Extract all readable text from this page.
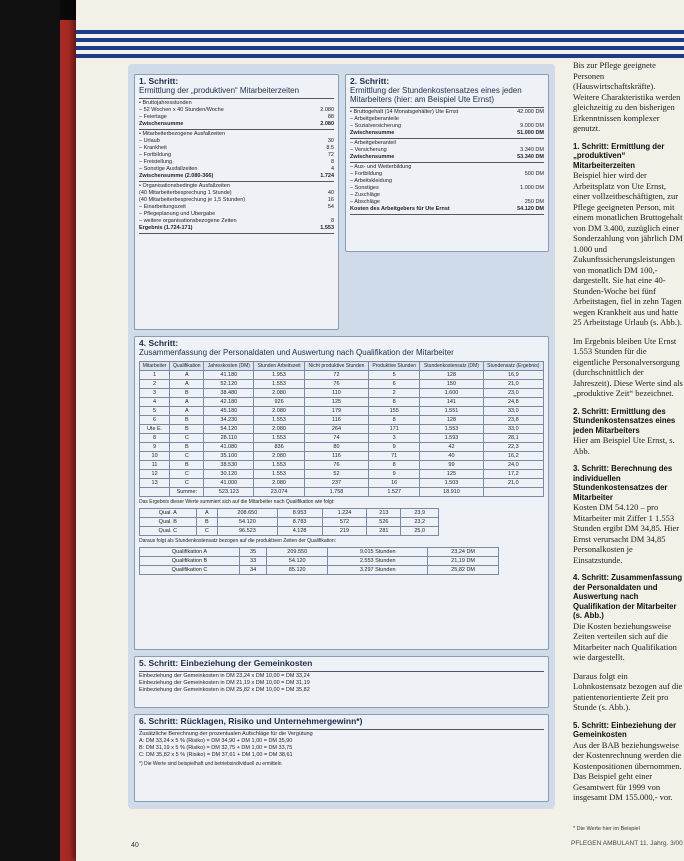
1. Schritt:
Ermittlung der „produktiven“ Mitarbeiterzeiten
• Bruttojahresstunden
– 52 Wochen x 40 Stunden/Woche	2.080
– Feiertage	88
Zwischensumme	2.080
• Mitarbeiterbezogene Ausfallzeiten
– Urlaub	30
– Krankheit	8.5
– Fortbildung	72
– Freistellung	8
– Sonstige Ausfallzeiten	4
Zwischensumme (2.080-366)	1.724
• Organisationsbedingte Ausfallzeiten
(40 Mitarbeiterbesprechung 1 Stunde)	40
(40 Mitarbeiterbesprechung je 1,5 Stunden)	16
– Einarbeitungszeit	54
– Pflegeplanung und Übergabe
– weitere organisationsbezogene Zeiten	8
Ergebnis (1.724-171)	1.553
2. Schritt:
Ermittlung der Stundenkostensatzes eines jeden Mitarbeiters (hier: am Beispiel Ute Ernst)
• Bruttogehalt (14 Monatsgehälter) Ute Ernst	42.000 DM
– Arbeitgeberanteile
– Sozialversicherung	9.000 DM
Zwischensumme	51.000 DM
– Arbeitgeberanteil
– Versicherung	3.340 DM
Zwischensumme	53.340 DM
– Aus- und Weiterbildung
– Fortbildung	500 DM
– Arbeitskleidung
– Sonstiges	1.000 DM
– Zuschläge
– Abschläge	250 DM
Kosten des Arbeitgebers für Ute Ernst	54.120 DM
4. Schritt:
Zusammenfassung der Personaldaten und Auswertung nach Qualifikation der Mitarbeiter
Mitarbeiter	Qualifikation	Jahreskosten (DM)	Stunden Arbeitszeit	Nicht produktive Stunden	Produktive Stunden	Stundenkostensatz (DM)	Stundensatz (Ergebnis)
1	A	41.180	1.953	72	5	128	16,9
2	A	52.120	1.553	76	6	150	21,0
3	B	38.480	2.080	110	2	1.600	23,0
4	A	42.180	926	125	8	141	24,8
5	A	45.180	2.080	179	155	1.551	33,0
6	B	34.230	1.553	116	8	128	23,8
Ute E.	B	54.120	2.080	264	171	1.553	33,0
8	C	28.110	1.553	74	3	1.593	28,1
9	B	41.080	836	80	9	42	22,3
10	C	35.100	2.080	116	71	40	16,2
11	B	38.530	1.553	76	8	99	24,0
12	C	30.120	1.553	52	9	125	17,2
13	C	41.000	2.080	237	16	1.503	21,0
	Summe:	523.123	23.074	1.758	1.527	18.910	
Das Ergebnis dieser Werte summiert sich auf die Mitarbeiter nach Qualifikation wie folgt:
Qual. A	A	208.650	8.953	1.224	213	23,9
Qual. B	B	54.120	8.783	572	526	23,2
Qual. C	C	96.523	4.128	219	281	25,0
Daraus folgt als Stundenkostensatz bezogen auf die produktiven Zeiten der Qualifikation:
Qualifikation A	35	209.550	9.015 Stunden	23,24 DM
Qualifikation B	33	54.120	2.553 Stunden	21,19 DM
Qualifikation C	34	85.120	3.297 Stunden	25,82 DM
5. Schritt: Einbeziehung der Gemeinkosten
Einbeziehung der Gemeinkosten in DM 23,24 x DM 10,00 = DM 33,24
Einbeziehung der Gemeinkosten in DM 21,19 x DM 10,00 = DM 31,19
Einbeziehung der Gemeinkosten in DM 25,82 x DM 10,00 = DM 35,82
6. Schritt: Rücklagen, Risiko und Unternehmergewinn*)
Zusätzliche Berechnung der prozentualen Aufschläge für die Vergütung
A: DM 33,24 x 5 % (Risiko) = DM 34,90 + DM 1,00 = DM 35,90
B: DM 31,19 x 5 % (Risiko) = DM 32,75 + DM 1,00 = DM 33,75
C: DM 35,82 x 5 % (Risiko) = DM 37,61 + DM 1,00 = DM 38,61
*) Die Werte sind beispielhaft und betriebsindividuell zu ermitteln

Bis zur Pflege geeignete Personen (Hauswirtschaftskräfte). Weitere Charakteristika werden gleichzeitig zu den bisherigen Erkenntnissen komplexer genutzt.

1. Schritt: Ermittlung der „produktiven“ Mitarbeiterzeiten

Beispiel hier wird der Arbeitsplatz von Ute Ernst, einer vollzeitbeschäftigten, zur Pflege geeigneten Person, mit einem monatlichen Bruttogehalt von DM 3.400, zuzüglich einer Sonderzahlung von jährlich DM 1.000 und Zukunftssicherungsleistungen von monatlich DM 100,- dargestellt. Sie hat eine 40-Stunden-Woche bei fünf Arbeitstagen, fiel in zehn Tagen wegen Krankheit aus und hatte 25 Arbeitstage Urlaub (s. Abb.).

Im Ergebnis bleiben Ute Ernst 1.553 Stunden für die eigentliche Personalversorgung (durchschnittlich der Jahreszeit). Diese Werte sind als „produktive Zeit“ bezeichnet.

2. Schritt: Ermittlung des Stundenkostensatzes eines jeden Mitarbeiters

Hier am Beispiel Ute Ernst, s. Abb.

3. Schritt: Berechnung des individuellen Stundenkostensatzes der Mitarbeiter

Kosten DM 54.120 – pro Mitarbeiter mit Ziffer 1 1.553 Stunden ergibt DM 34,85. Hier Ernst verursacht DM 34,85 Personalkosten je Einsatzstunde.

4. Schritt: Zusammenfassung der Personaldaten und Auswertung nach Qualifikation der Mitarbeiter (s. Abb.)

Die Kosten beziehungsweise Zeiten verteilen sich auf die Mitarbeiter nach Qualifikation wie dargestellt.

Daraus folgt ein Lohnkostensatz bezogen auf die patientenorientierte Zeit pro Stunde (s. Abb.).

5. Schritt: Einbeziehung der Gemeinkosten

Aus der BAB beziehungsweise der Kostenrechnung werden die Kostenpositionen übernommen. Das Beispiel geht einer Gesamtwert für 1999 von insgesamt DM 155.000,- vor.

* Die Werte hier im Beispiel
40	PFLEGEN AMBULANT 11. Jahrg. 3/00
